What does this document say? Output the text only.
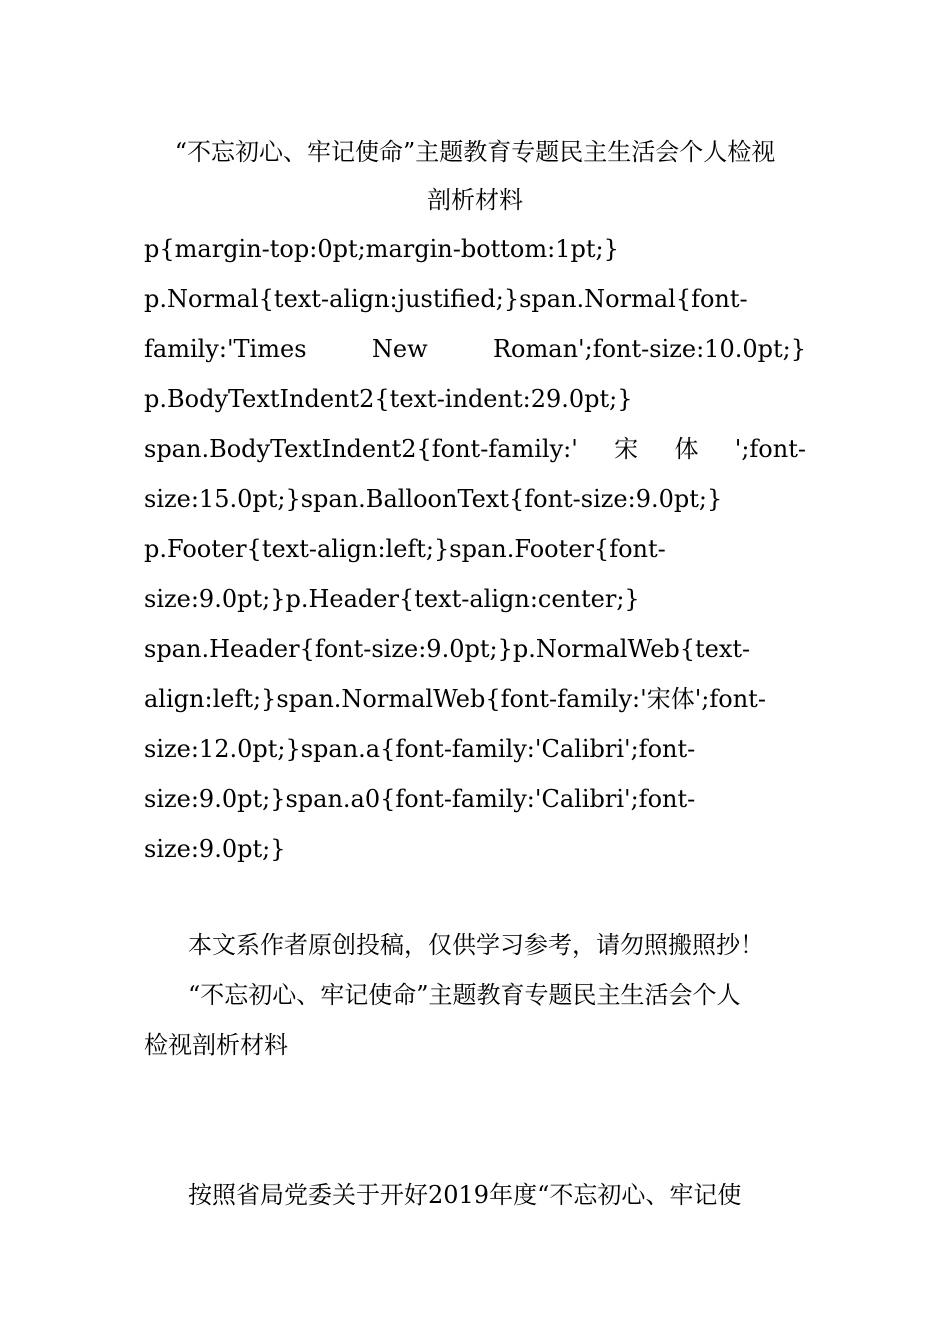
“不忘初心、牢记使命”主题教育专题民主生活会个人检视
剖析材料
p{margin-top:0pt;margin-bottom:1pt;}
p.Normal{text-align:justified;}span.Normal{font-
family:'Times	New	Roman';font-size:10.0pt;}
p.BodyTextIndent2{text-indent:29.0pt;}
span.BodyTextIndent2{font-family:' 宋 体 ';font-
size:15.0pt;}span.BalloonText{font-size:9.0pt;}
p.Footer{text-align:left;}span.Footer{font-
size:9.0pt;}p.Header{text-align:center;}
span.Header{font-size:9.0pt;}p.NormalWeb{text-
align:left;}span.NormalWeb{font-family:'宋体';font-
size:12.0pt;}span.a{font-family:'Calibri';font-
size:9.0pt;}span.a0{font-family:'Calibri';font-
size:9.0pt;}
本文系作者原创投稿，仅供学习参考，请勿照搬照抄！
“不忘初心、牢记使命”主题教育专题民主生活会个人
检视剖析材料
按照省局党委关于开好2019年度“不忘初心、牢记使
